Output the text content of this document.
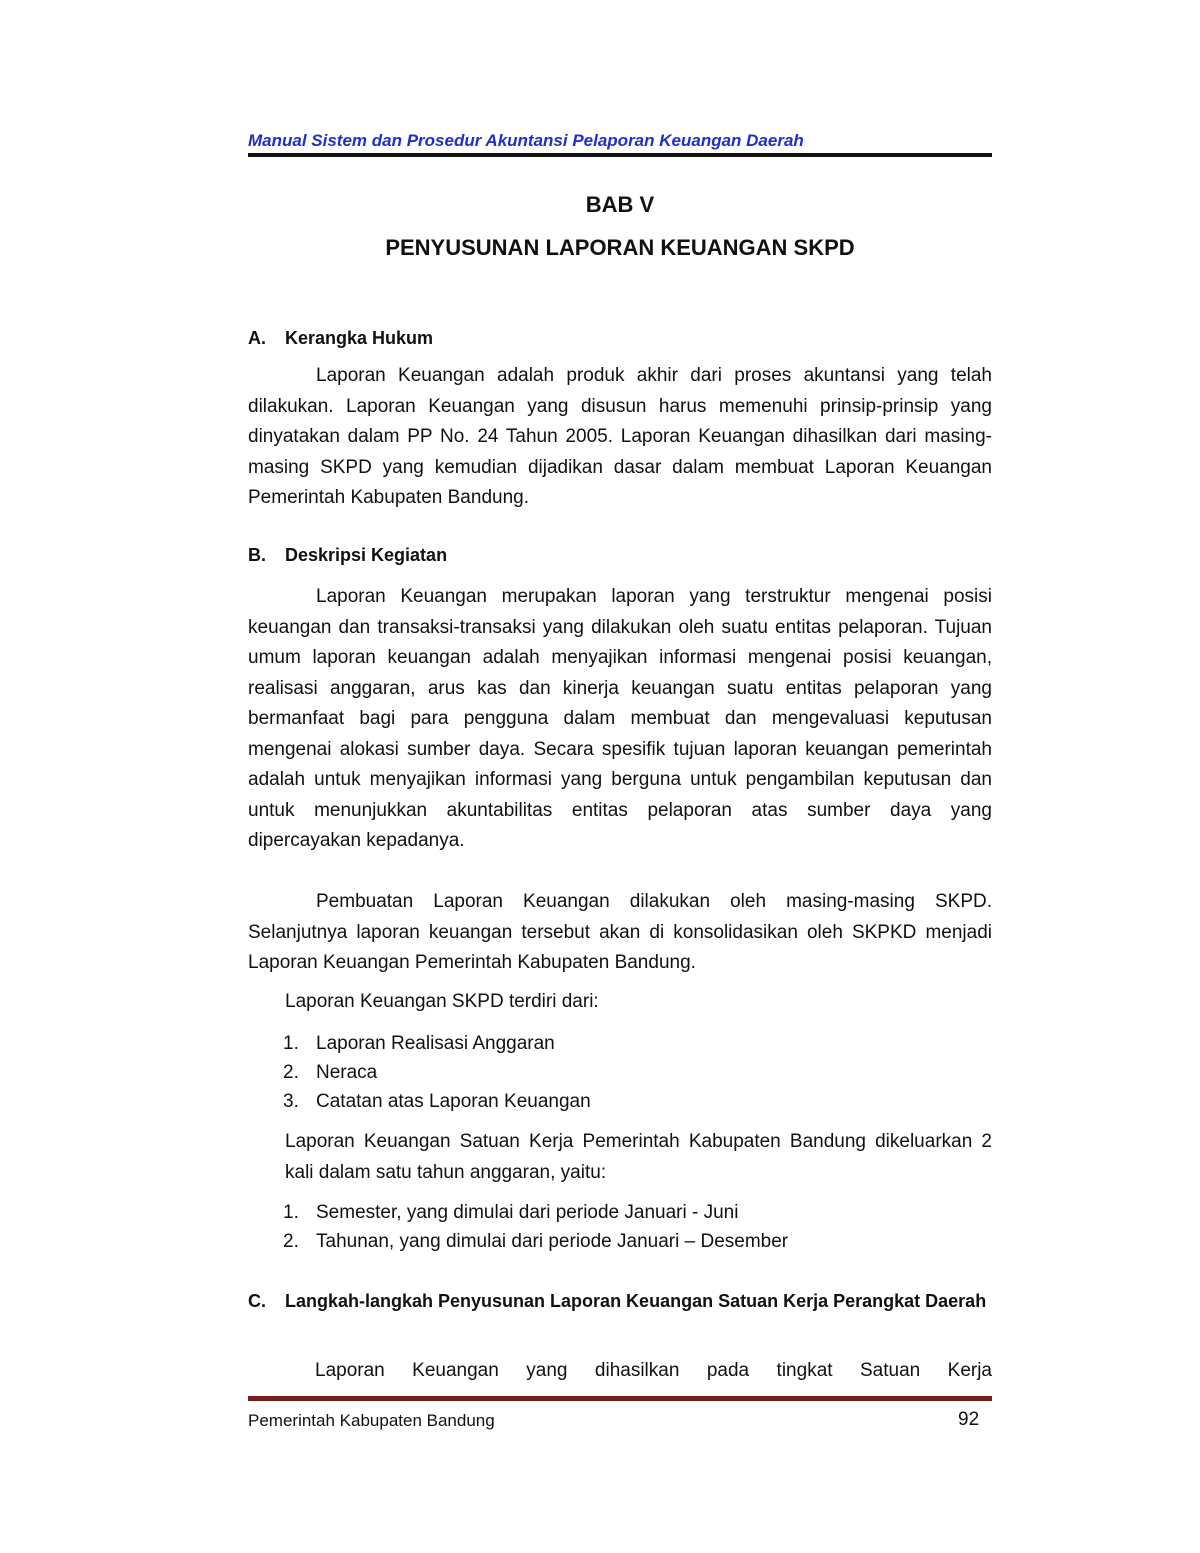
Manual Sistem dan Prosedur Akuntansi Pelaporan Keuangan Daerah
BAB V
PENYUSUNAN LAPORAN KEUANGAN SKPD
A.	Kerangka Hukum

Laporan Keuangan adalah produk akhir dari proses akuntansi yang telah dilakukan. Laporan Keuangan yang disusun harus memenuhi prinsip-prinsip yang dinyatakan dalam PP No. 24 Tahun 2005. Laporan Keuangan dihasilkan dari masing-masing SKPD yang kemudian dijadikan dasar dalam membuat Laporan Keuangan Pemerintah Kabupaten Bandung.

B.	Deskripsi Kegiatan

Laporan Keuangan merupakan laporan yang terstruktur mengenai posisi keuangan dan transaksi-transaksi yang dilakukan oleh suatu entitas pelaporan. Tujuan umum laporan keuangan adalah menyajikan informasi mengenai posisi keuangan, realisasi anggaran, arus kas dan kinerja keuangan suatu entitas pelaporan yang bermanfaat bagi para pengguna dalam membuat dan mengevaluasi keputusan mengenai alokasi sumber daya. Secara spesifik tujuan laporan keuangan pemerintah adalah untuk menyajikan informasi yang berguna untuk pengambilan keputusan dan untuk menunjukkan akuntabilitas entitas pelaporan atas sumber daya yang dipercayakan kepadanya.

Pembuatan Laporan Keuangan dilakukan oleh masing-masing SKPD. Selanjutnya laporan keuangan tersebut akan di konsolidasikan oleh SKPKD menjadi Laporan Keuangan Pemerintah Kabupaten Bandung.

Laporan Keuangan SKPD terdiri dari:

1. Laporan Realisasi Anggaran
2. Neraca
3. Catatan atas Laporan Keuangan

Laporan Keuangan Satuan Kerja Pemerintah Kabupaten Bandung dikeluarkan 2 kali dalam satu tahun anggaran, yaitu:

1. Semester, yang dimulai dari periode Januari - Juni
2. Tahunan, yang dimulai dari periode Januari – Desember
C.	Langkah-langkah Penyusunan Laporan Keuangan Satuan Kerja Perangkat Daerah
Laporan Keuangan yang dihasilkan pada tingkat Satuan Kerja
Pemerintah Kabupaten Bandung	92
